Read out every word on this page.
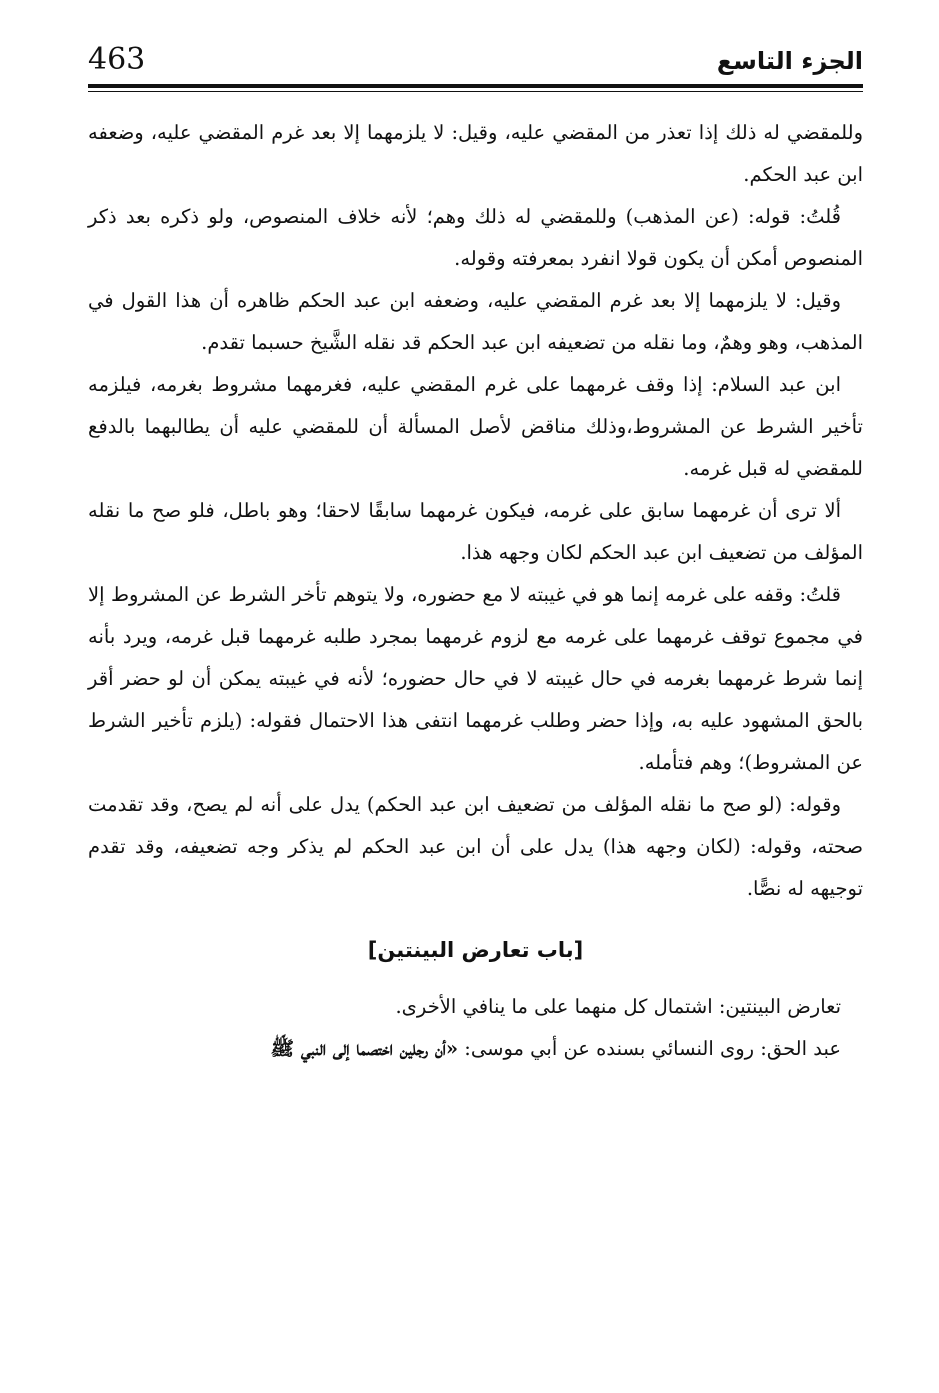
463	الجزء التاسع

وللمقضي له ذلك إذا تعذر من المقضي عليه، وقيل: لا يلزمهما إلا بعد غرم المقضي عليه، وضعفه ابن عبد الحكم.

قُلتُ: قوله: (عن المذهب) وللمقضي له ذلك وهم؛ لأنه خلاف المنصوص، ولو ذكره بعد ذكر المنصوص أمكن أن يكون قولا انفرد بمعرفته وقوله.

وقيل: لا يلزمهما إلا بعد غرم المقضي عليه، وضعفه ابن عبد الحكم ظاهره أن هذا القول في المذهب، وهو وهمٌ، وما نقله من تضعيفه ابن عبد الحكم قد نقله الشَّيخ حسبما تقدم.

ابن عبد السلام: إذا وقف غرمهما على غرم المقضي عليه، فغرمهما مشروط بغرمه، فيلزمه تأخير الشرط عن المشروط،وذلك مناقض لأصل المسألة أن للمقضي عليه أن يطالبهما بالدفع للمقضي له قبل غرمه.

ألا ترى أن غرمهما سابق على غرمه، فيكون غرمهما سابقًا لاحقا؛ وهو باطل، فلو صح ما نقله المؤلف من تضعيف ابن عبد الحكم لكان وجهه هذا.

قلتُ: وقفه على غرمه إنما هو في غيبته لا مع حضوره، ولا يتوهم تأخر الشرط عن المشروط إلا في مجموع توقف غرمهما على غرمه مع لزوم غرمهما بمجرد طلبه غرمهما قبل غرمه، ويرد بأنه إنما شرط غرمهما بغرمه في حال غيبته لا في حال حضوره؛ لأنه في غيبته يمكن أن لو حضر أقر بالحق المشهود عليه به، وإذا حضر وطلب غرمهما انتفى هذا الاحتمال فقوله: (يلزم تأخير الشرط عن المشروط)؛ وهم فتأمله.

وقوله: (لو صح ما نقله المؤلف من تضعيف ابن عبد الحكم) يدل على أنه لم يصح، وقد تقدمت صحته، وقوله: (لكان وجهه هذا) يدل على أن ابن عبد الحكم لم يذكر وجه تضعيفه، وقد تقدم توجيهه له نصًّا.

[باب تعارض البينتين]

تعارض البينتين: اشتمال كل منهما على ما ينافي الأخرى.

عبد الحق: روى النسائي بسنده عن أبي موسى: «أن رجلين اختصما إلى النبي ﷺ
